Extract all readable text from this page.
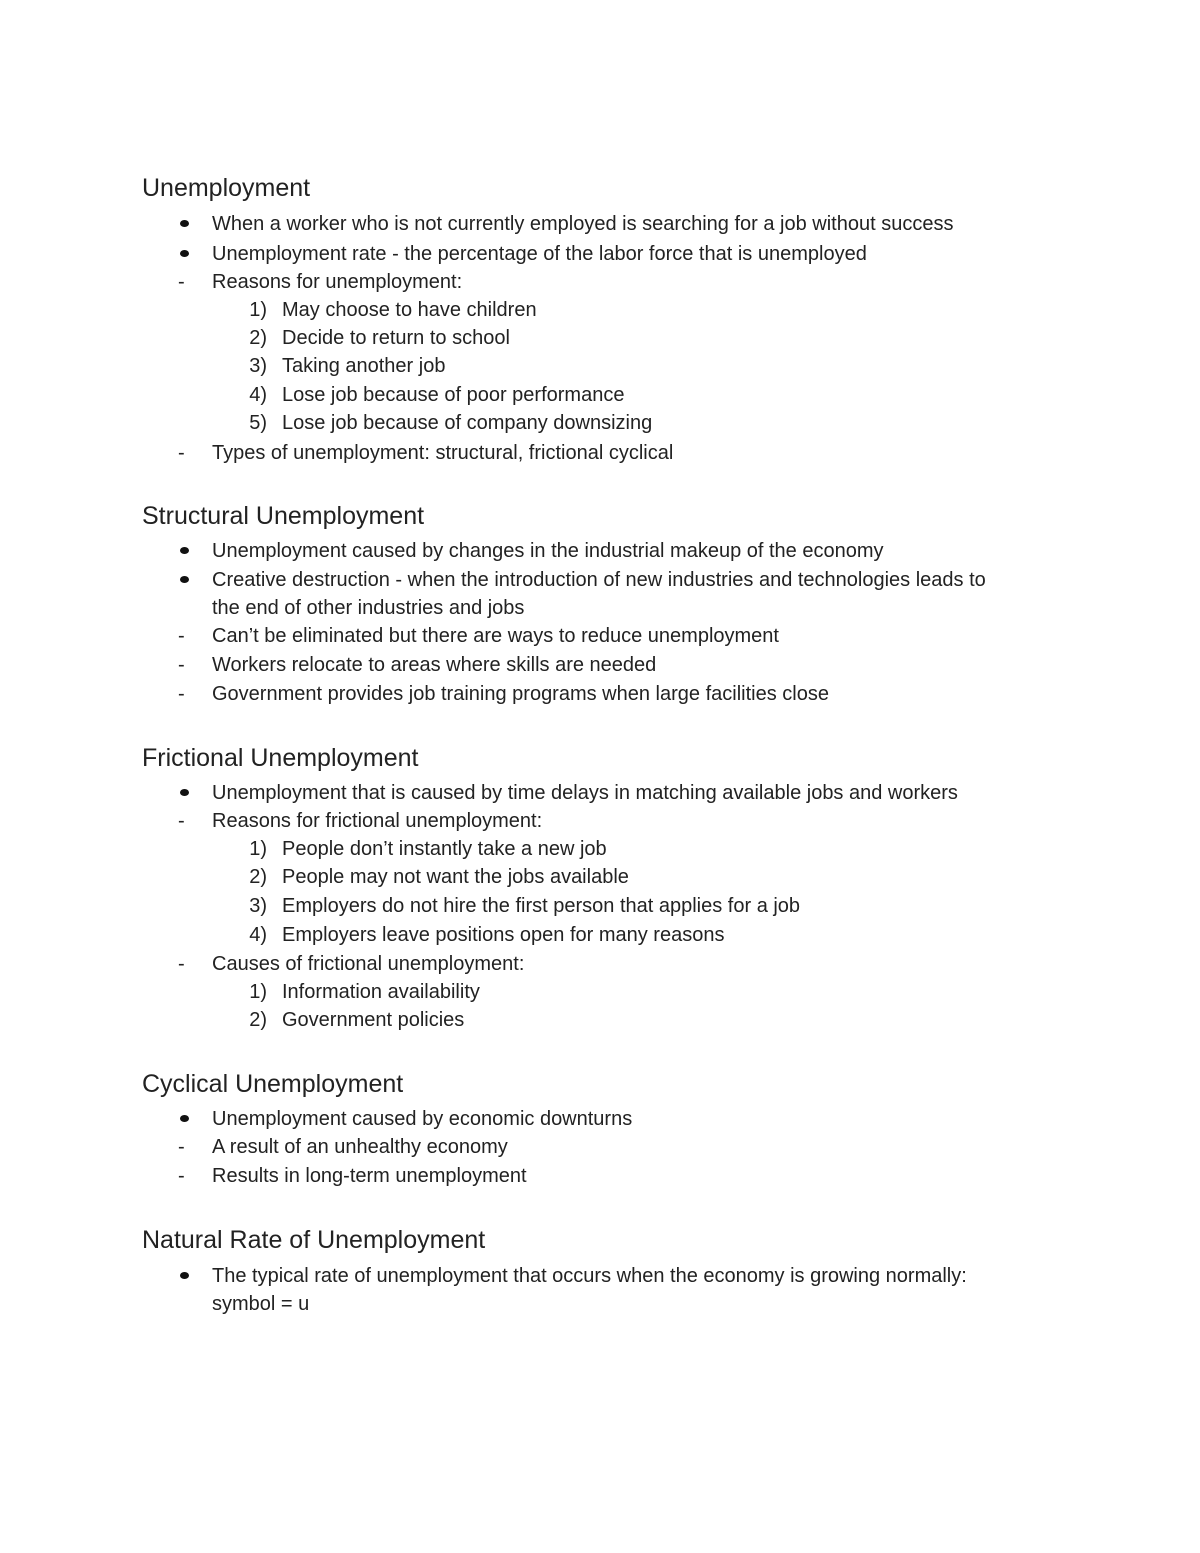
Unemployment
When a worker who is not currently employed is searching for a job without success
Unemployment rate - the percentage of the labor force that is unemployed
- Reasons for unemployment:
1) May choose to have children
2) Decide to return to school
3) Taking another job
4) Lose job because of poor performance
5) Lose job because of company downsizing
- Types of unemployment: structural, frictional cyclical
Structural Unemployment
Unemployment caused by changes in the industrial makeup of the economy
Creative destruction - when the introduction of new industries and technologies leads to
the end of other industries and jobs
- Can’t be eliminated but there are ways to reduce unemployment
- Workers relocate to areas where skills are needed
- Government provides job training programs when large facilities close
Frictional Unemployment
Unemployment that is caused by time delays in matching available jobs and workers
- Reasons for frictional unemployment:
1) People don’t instantly take a new job
2) People may not want the jobs available
3) Employers do not hire the first person that applies for a job
4) Employers leave positions open for many reasons
- Causes of frictional unemployment:
1) Information availability
2) Government policies
Cyclical Unemployment
Unemployment caused by economic downturns
- A result of an unhealthy economy
- Results in long-term unemployment
Natural Rate of Unemployment
The typical rate of unemployment that occurs when the economy is growing normally:
symbol = u
